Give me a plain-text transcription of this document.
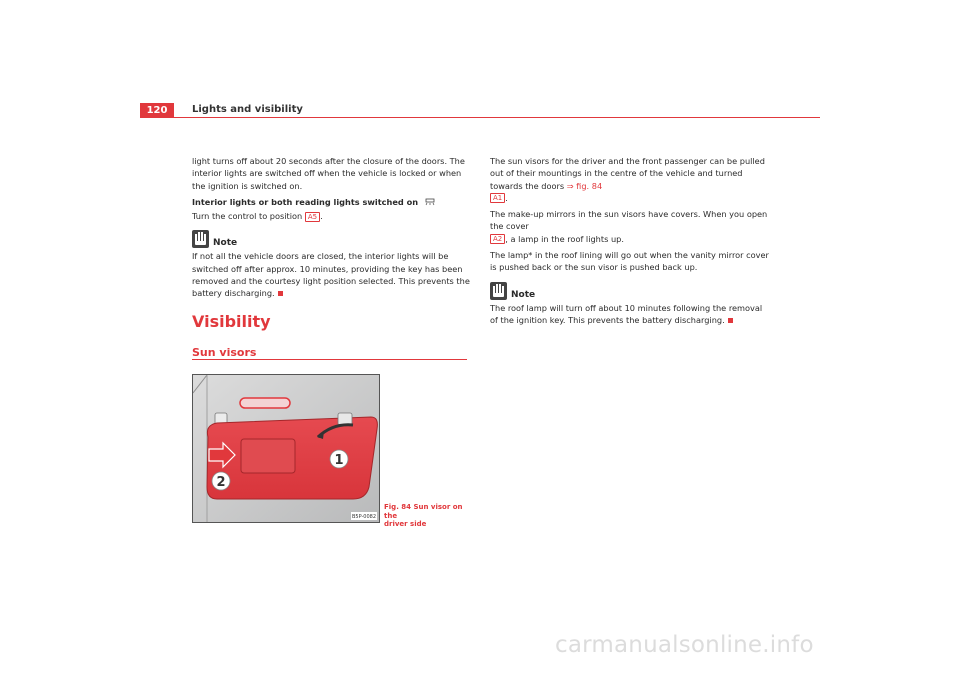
120	Lights and visibility

light turns off about 20 seconds after the closure of the doors. The interior lights are switched off when the vehicle is locked or when the ignition is switched on.

Interior lights or both reading lights switched on

Turn the control to position A5 .

Note

If not all the vehicle doors are closed, the interior lights will be switched off after approx. 10 minutes, providing the key has been removed and the courtesy light position selected. This prevents the battery discharging.

Visibility
Sun visors
1
2
B5P-0082
Fig. 84 Sun visor on the
driver side

The sun visors for the driver and the front passenger can be pulled out of their mountings in the centre of the vehicle and turned towards the doors ⇒ fig. 84
A1 .

The make-up mirrors in the sun visors have covers. When you open the cover
A2 , a lamp in the roof lights up.

The lamp* in the roof lining will go out when the vanity mirror cover is pushed back or the sun visor is pushed back up.

Note

The roof lamp will turn off about 10 minutes following the removal of the ignition key. This prevents the battery discharging.

carmanualsonline.info
